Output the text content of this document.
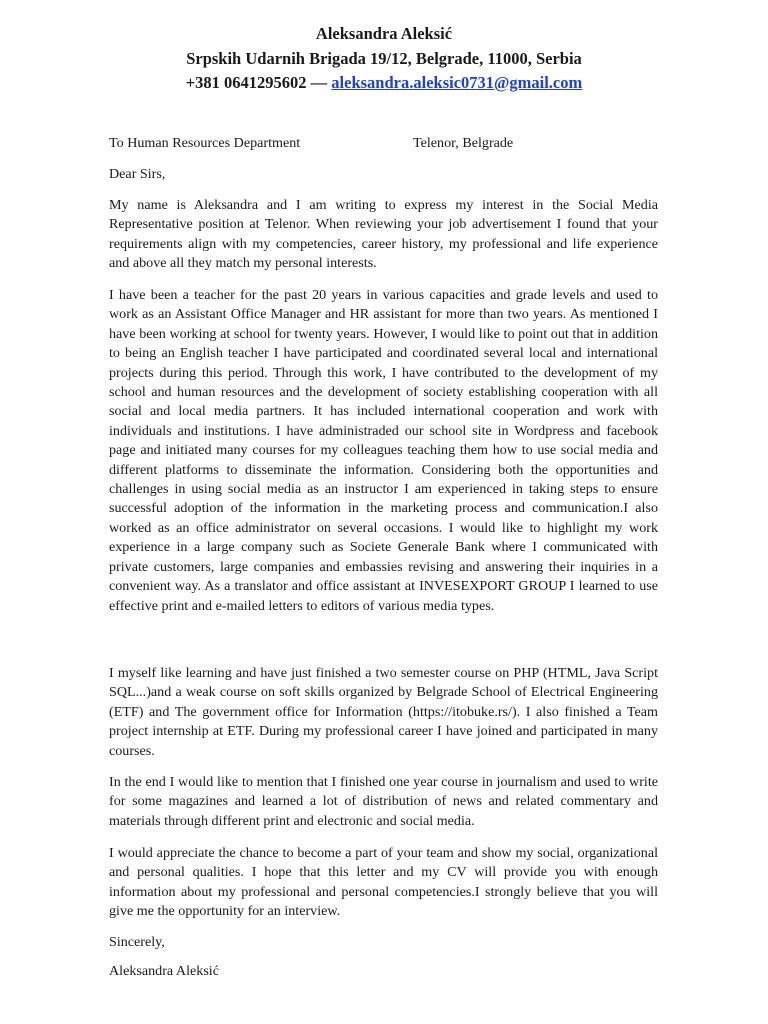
Aleksandra Aleksić
Srpskih Udarnih Brigada 19/12, Belgrade, 11000, Serbia
+381 0641295602 — aleksandra.aleksic0731@gmail.com
To Human Resources Department	Telenor, Belgrade
Dear Sirs,

My name is Aleksandra and I am writing to express my interest in the Social Media Representative position at Telenor. When reviewing your job advertisement I found that your requirements align with my competencies, career history, my professional and life experience and above all they match my personal interests.

I have been a teacher for the past 20 years in various capacities and grade levels and used to work as an Assistant Office Manager and HR assistant for more than two years. As mentioned I have been working at school for twenty years. However, I would like to point out that in addition to being an English teacher I have participated and coordinated several local and international projects during this period. Through this work, I have contributed to the development of my school and human resources and the development of society establishing cooperation with all social and local media partners. It has included international cooperation and work with individuals and institutions. I have administraded our school site in Wordpress and facebook page and initiated many courses for my colleagues teaching them how to use social media and different platforms to disseminate the information. Considering both the opportunities and challenges in using social media as an instructor I am experienced in taking steps to ensure successful adoption of the information in the marketing process and communication.I also worked as an office administrator on several occasions. I would like to highlight my work experience in a large company such as Societe Generale Bank where I communicated with private customers, large companies and embassies revising and answering their inquiries in a convenient way. As a translator and office assistant at INVESEXPORT GROUP I learned to use effective print and e-mailed letters to editors of various media types.

I myself like learning and have just finished a two semester course on PHP (HTML, Java Script SQL...)and a weak course on soft skills organized by Belgrade School of Electrical Engineering (ETF) and The government office for Information (https://itobuke.rs/). I also finished a Team project internship at ETF. During my professional career I have joined and participated in many courses.

In the end I would like to mention that I finished one year course in journalism and used to write for some magazines and learned a lot of distribution of news and related commentary and materials through different print and electronic and social media.

I would appreciate the chance to become a part of your team and show my social, organizational and personal qualities. I hope that this letter and my CV will provide you with enough information about my professional and personal competencies.I strongly believe that you will give me the opportunity for an interview.

Sincerely,
Aleksandra Aleksić
